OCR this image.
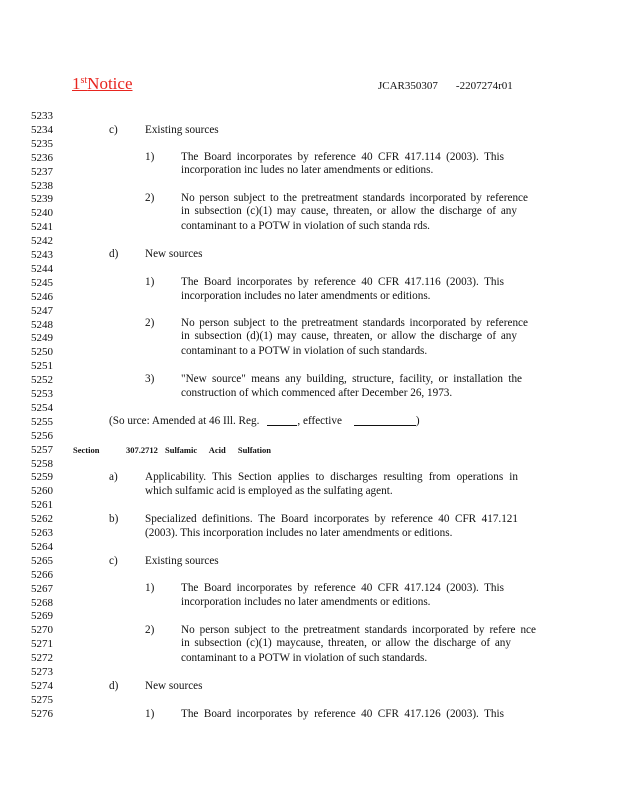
1stNotice	JCAR350307 -2207274r01
5233
5234
5235
5236
5237
5238
5239
5240
5241
5242
5243
5244
5245
5246
5247
5248
5249
5250
5251
5252
5253
5254
5255
5256
5257
5258
5259
5260
5261
5262
5263
5264
5265
5266
5267
5268
5269
5270
5271
5272
5273
5274
5275
5276
c) Existing sources
1) The Board incorporates by reference 40 CFR 417.114 (2003). This
incorporation inc ludes no later amendments or editions.
2) No person subject to the pretreatment standards incorporated by reference
in subsection (c)(1) may cause, threaten, or allow the discharge of any
contaminant to a POTW in violation of such standa rds.
d) New sources
1) The Board incorporates by reference 40 CFR 417.116 (2003). This
incorporation includes no later amendments or editions.
2) No person subject to the pretreatment standards incorporated by reference
in subsection (d)(1) may cause, threaten, or allow the discharge of any
contaminant to a POTW in violation of such standards.
3) "New source" means any building, structure, facility, or installation the
construction of which commenced after December 26, 1973.
(So urce: Amended at 46 Ill. Reg.	, effective	)
Section	307.2712 Sulfamic Acid Sulfation
a) Applicability. This Section applies to discharges resulting from operations in
which sulfamic acid is employed as the sulfating agent.
b) Specialized definitions. The Board incorporates by reference 40 CFR 417.121
(2003). This incorporation includes no later amendments or editions.
c) Existing sources
1) The Board incorporates by reference 40 CFR 417.124 (2003). This
incorporation includes no later amendments or editions.
2) No person subject to the pretreatment standards incorporated by refere nce
in subsection (c)(1) maycause, threaten, or allow the discharge of any
contaminant to a POTW in violation of such standards.
d) New sources
1) The Board incorporates by reference 40 CFR 417.126 (2003). This
